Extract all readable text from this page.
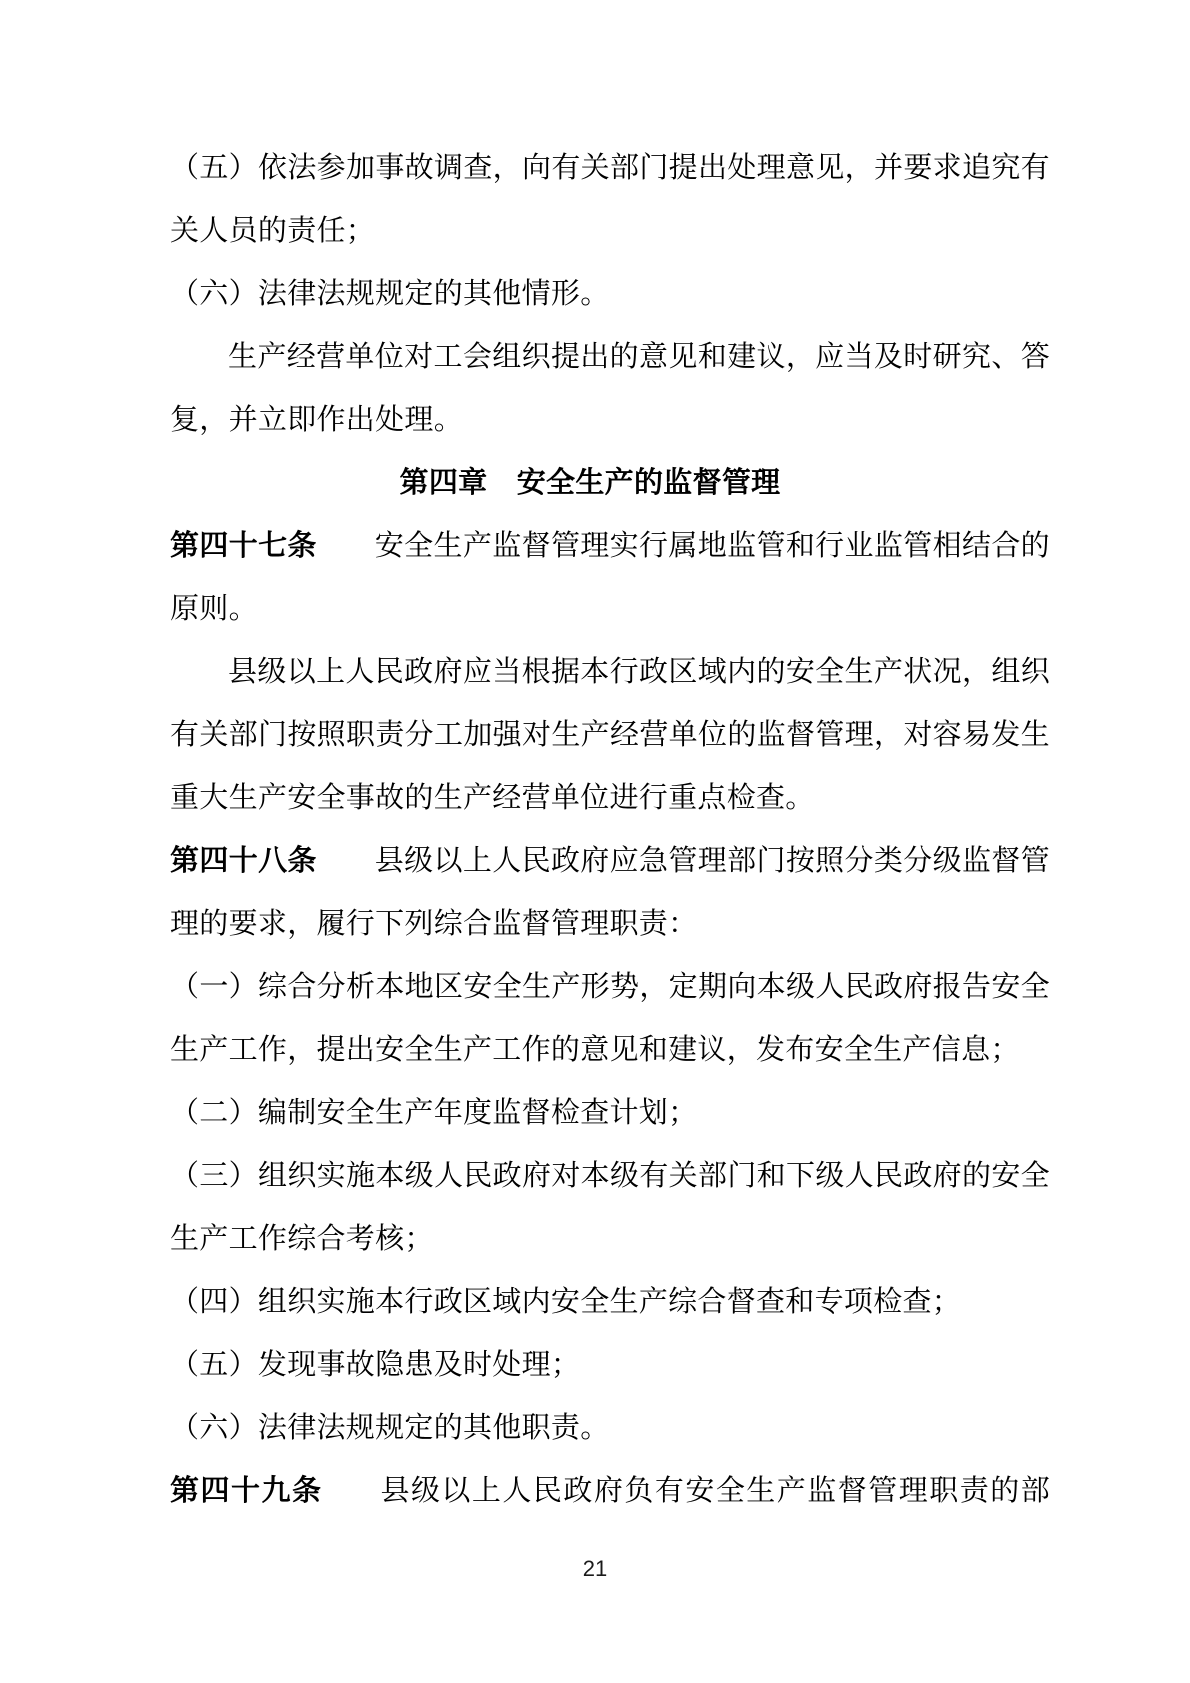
（五）依法参加事故调查，向有关部门提出处理意见，并要求追究有关人员的责任；

（六）法律法规规定的其他情形。

生产经营单位对工会组织提出的意见和建议，应当及时研究、答复，并立即作出处理。

第四章　安全生产的监督管理

第四十七条 安全生产监督管理实行属地监管和行业监管相结合的原则。

县级以上人民政府应当根据本行政区域内的安全生产状况，组织有关部门按照职责分工加强对生产经营单位的监督管理，对容易发生重大生产安全事故的生产经营单位进行重点检查。

第四十八条 县级以上人民政府应急管理部门按照分类分级监督管理的要求，履行下列综合监督管理职责：

（一）综合分析本地区安全生产形势，定期向本级人民政府报告安全生产工作，提出安全生产工作的意见和建议，发布安全生产信息；

（二）编制安全生产年度监督检查计划；

（三）组织实施本级人民政府对本级有关部门和下级人民政府的安全生产工作综合考核；

（四）组织实施本行政区域内安全生产综合督查和专项检查；

（五）发现事故隐患及时处理；

（六）法律法规规定的其他职责。

第四十九条 县级以上人民政府负有安全生产监督管理职责的部

21
